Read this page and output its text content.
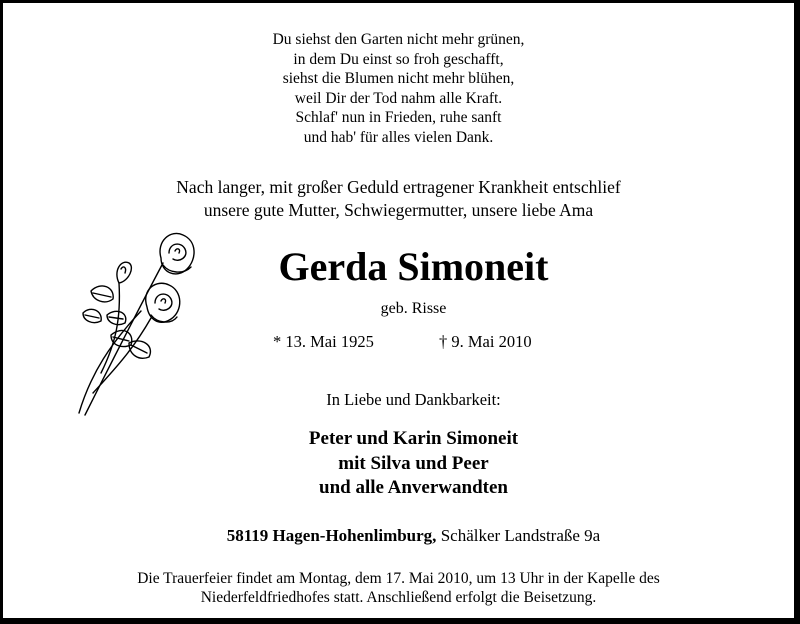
Du siehst den Garten nicht mehr grünen,
in dem Du einst so froh geschafft,
siehst die Blumen nicht mehr blühen,
weil Dir der Tod nahm alle Kraft.
Schlaf' nun in Frieden, ruhe sanft
und hab' für alles vielen Dank.
Nach langer, mit großer Geduld ertragener Krankheit entschlief
unsere gute Mutter, Schwiegermutter, unsere liebe Ama
Gerda Simoneit
geb. Risse
* 13. Mai 1925	† 9. Mai 2010
In Liebe und Dankbarkeit:
Peter und Karin Simoneit
mit Silva und Peer
und alle Anverwandten
58119 Hagen-Hohenlimburg, Schälker Landstraße 9a
Die Trauerfeier findet am Montag, dem 17. Mai 2010, um 13 Uhr in der Kapelle des
Niederfeldfriedhofes statt. Anschließend erfolgt die Beisetzung.
